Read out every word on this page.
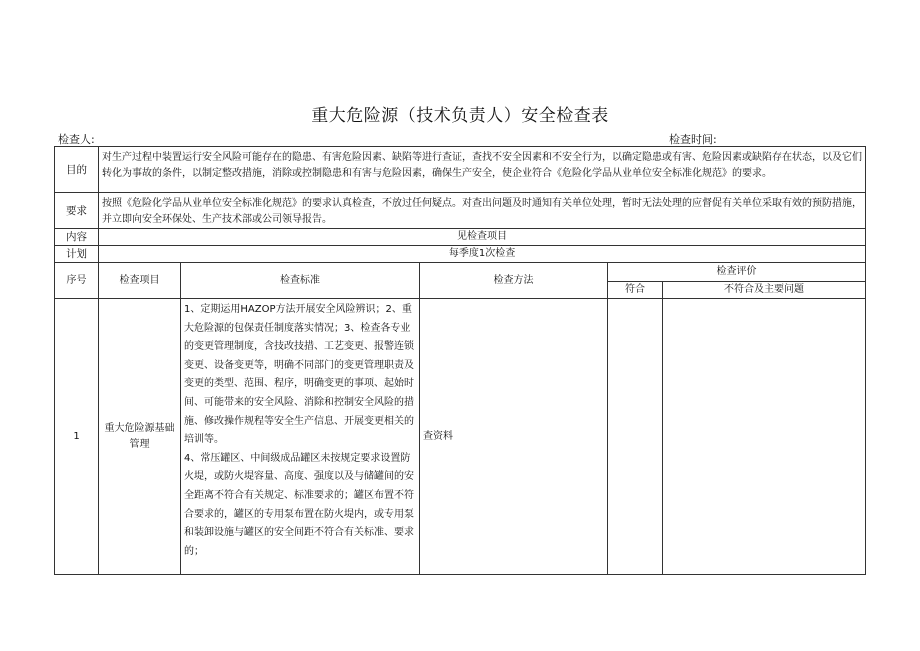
重大危险源（技术负责人）安全检查表
检查人:	检查时间:
目的	对生产过程中装置运行安全风险可能存在的隐患、有害危险因素、缺陷等进行查证，查找不安全因素和不安全行为，以确定隐患或有害、危险因素或缺陷存在状态，以及它们转化为事故的条件，以制定整改措施，消除或控制隐患和有害与危险因素，确保生产安全，使企业符合《危险化学品从业单位安全标准化规范》的要求。				
要求	按照《危险化学品从业单位安全标准化规范》的要求认真检查，不放过任何疑点。对查出问题及时通知有关单位处理，暂时无法处理的应督促有关单位采取有效的预防措施，并立即向安全环保处、生产技术部或公司领导报告。				
内容	见检查项目				
计划	每季度1次检查				
序号	检查项目	检查标准	检查方法	检查评价	
				符合	不符合及主要问题
1	重大危险源基础管理	1、定期运用HAZOP方法开展安全风险辨识；2、重大危险源的包保责任制度落实情况；3、检查各专业的变更管理制度，含技改技措、工艺变更、报警连锁变更、设备变更等，明确不同部门的变更管理职责及变更的类型、范围、程序，明确变更的事项、起始时间、可能带来的安全风险、消除和控制安全风险的措施、修改操作规程等安全生产信息、开展变更相关的培训等。
4、常压罐区、中间级成品罐区未按规定要求设置防火堤，或防火堤容量、高度、强度以及与储罐间的安全距离不符合有关规定、标准要求的；罐区布置不符合要求的，罐区的专用泵布置在防火堤内，或专用泵和装卸设施与罐区的安全间距不符合有关标准、要求的；	查资料		
